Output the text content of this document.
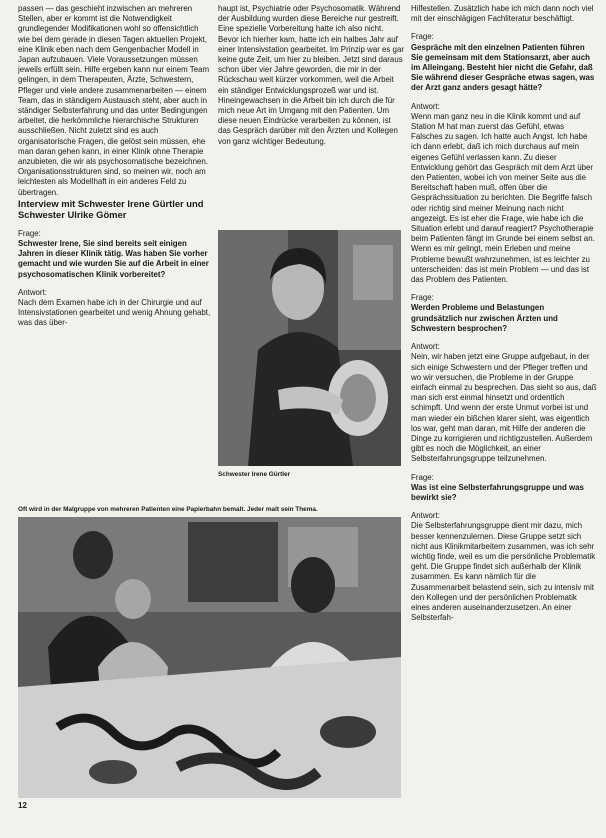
passen — das geschieht inzwischen an mehreren Stellen, aber er kommt ist die Notwendigkeit grundlegender Modifikationen wohl so offensichtlich wie bei dem gerade in diesen Tagen aktuellen Projekt, eine Klinik eben nach dem Gengenbacher Modell in Japan aufzubauen. Viele Voraussetzungen müssen jeweils erfüllt sein. Hilfe ergeben kann nur einem Team gelingen, in dem Therapeuten, Ärzte, Schwestern, Pfleger und viele andere zusammenarbeiten — einem Team, das in ständigem Austausch steht, aber auch in ständiger Selbsterfahrung und das unter Bedingungen arbeitet, die herkömmliche hierarchische Strukturen ausschließen. Nicht zuletzt sind es auch organisatorische Fragen, die gelöst sein müssen, ehe man daran gehen kann, in einer Klinik ohne Therapie anzubieten, die wir als psychosomatische bezeichnen. Organisationsstrukturen sind, so meinen wir, noch am leichtesten als Modellhaft in ein anderes Feld zu übertragen.

Interview mit Schwester Irene Gürtler und Schwester Ulrike Gömer

Frage:

Schwester Irene, Sie sind bereits seit einigen Jahren in dieser Klinik tätig. Was haben Sie vorher gemacht und wie wurden Sie auf die Arbeit in einer psychosomatischen Klinik vorbereitet?

Antwort:

Nach dem Examen habe ich in der Chirurgie und auf Intensivstationen gearbeitet und wenig Ahnung gehabt, was das über-

haupt ist, Psychiatrie oder Psychosomatik. Während der Ausbildung wurden diese Bereiche nur gestreift. Eine spezielle Vorbereitung hatte ich also nicht. Bevor ich hierher kam, hatte ich ein halbes Jahr auf einer Intensivstation gearbeitet. Im Prinzip war es gar keine gute Zeit, um hier zu bleiben. Jetzt sind daraus schon über vier Jahre geworden, die mir in der Rückschau weit kürzer vorkommen, weil die Arbeit ein ständiger Entwicklungsprozeß war und ist. Hineingewachsen in die Arbeit bin ich durch die für mich neue Art im Umgang mit den Patienten. Um diese neuen Eindrücke verarbeiten zu können, ist das Gespräch darüber mit den Ärzten und Kollegen von ganz wichtiger Bedeutung.

Schwester Irene Gürtler

Hilfestellen. Zusätzlich habe ich mich dann noch viel mit der einschlägigen Fachliteratur beschäftigt.

Frage:

Gespräche mit den einzelnen Patienten führen Sie gemeinsam mit dem Stationsarzt, aber auch im Alleingang. Besteht hier nicht die Gefahr, daß Sie während dieser Gespräche etwas sagen, was der Arzt ganz anders gesagt hätte?

Antwort:

Wenn man ganz neu in die Klinik kommt und auf Station M hat man zuerst das Gefühl, etwas Falsches zu sagen. Ich hatte auch Angst. Ich habe ich dann erlebt, daß ich mich durchaus auf mein eigenes Gefühl verlassen kann. Zu dieser Entwicklung gehört das Gespräch mit dem Arzt über den Patienten, wobei ich von meiner Seite aus die Bereitschaft haben muß, offen über die Gesprächssituation zu berichten. Die Begriffe falsch oder richtig sind meiner Meinung nach nicht angezeigt. Es ist eher die Frage, wie habe ich die Situation erlebt und darauf reagiert? Psychotherapie beim Patienten fängt im Grunde bei einem selbst an. Wenn es mir gelingt, mein Erleben und meine Probleme bewußt wahrzunehmen, ist es leichter zu unterscheiden: das ist mein Problem — und das ist das Problem des Patienten.

Frage:

Werden Probleme und Belastungen grundsätzlich nur zwischen Ärzten und Schwestern besprochen?

Antwort:

Nein, wir haben jetzt eine Gruppe aufgebaut, in der sich einige Schwestern und der Pfleger treffen und wo wir versuchen, die Probleme in der Gruppe einfach einmal zu besprechen. Das sieht so aus, daß man sich erst einmal hinsetzt und ordentlich schimpft. Und wenn der erste Unmut vorbei ist und man wieder ein bißchen klarer sieht, was eigentlich los war, geht man daran, mit Hilfe der anderen die Dinge zu korrigieren und richtigzustellen. Außerdem gibt es noch die Möglichkeit, an einer Selbsterfahrungsgruppe teilzunehmen.

Frage:

Was ist eine Selbsterfahrungsgruppe und was bewirkt sie?

Antwort:

Die Selbsterfahrungsgruppe dient mir dazu, mich besser kennenzulernen. Diese Gruppe setzt sich nicht aus Klinikmitarbeitern zusammen, was ich sehr wichtig finde, weil es um die persönliche Problematik geht. Die Gruppe findet sich außerhalb der Klinik zusammen. Es kann nämlich für die Zusammenarbeit belastend sein, sich zu intensiv mit den Kollegen und der persönlichen Problematik eines anderen auseinanderzusetzen. An einer Selbsterfah-

Oft wird in der Malgruppe von mehreren Patienten eine Papierbahn bemalt. Jeder malt sein Thema.
12
